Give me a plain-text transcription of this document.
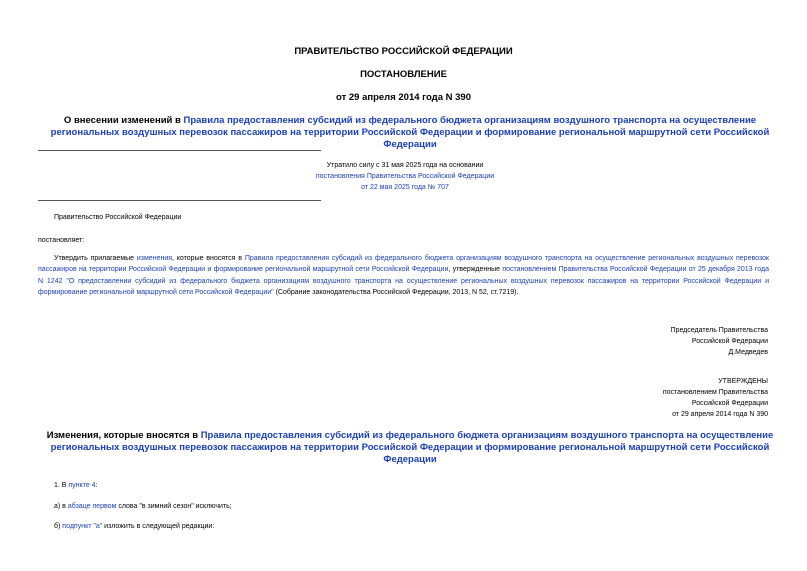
ПРАВИТЕЛЬСТВО РОССИЙСКОЙ ФЕДЕРАЦИИ
ПОСТАНОВЛЕНИЕ
от 29 апреля 2014 года N 390
О внесении изменений в Правила предоставления субсидий из федерального бюджета организациям воздушного транспорта на осуществление региональных воздушных перевозок пассажиров на территории Российской Федерации и формирование региональной маршрутной сети Российской Федерации
Утратило силу с 31 мая 2025 года на основании
постановления Правительства Российской Федерации
от 22 мая 2025 года № 707
Правительство Российской Федерации
постановляет:
Утвердить прилагаемые изменения, которые вносятся в Правила предоставления субсидий из федерального бюджета организациям воздушного транспорта на осуществление региональных воздушных перевозок пассажиров на территории Российской Федерации и формирование региональной маршрутной сети Российской Федерации, утвержденные постановлением Правительства Российской Федерации от 25 декабря 2013 года N 1242 "О предоставлении субсидий из федерального бюджета организациям воздушного транспорта на осуществление региональных воздушных перевозок пассажиров на территории Российской Федерации и формирование региональной маршрутной сети Российской Федерации" (Собрание законодательства Российской Федерации, 2013, N 52, ст.7219).
Председатель Правительства
Российской Федерации
Д.Медведев
УТВЕРЖДЕНЫ
постановлением Правительства
Российской Федерации
от 29 апреля 2014 года N 390
Изменения, которые вносятся в Правила предоставления субсидий из федерального бюджета организациям воздушного транспорта на осуществление региональных воздушных перевозок пассажиров на территории Российской Федерации и формирование региональной маршрутной сети Российской Федерации
1. В пункте 4:
а) в абзаце первом слова "в зимний сезон" исключить;
б) подпункт "а" изложить в следующей редакции:
